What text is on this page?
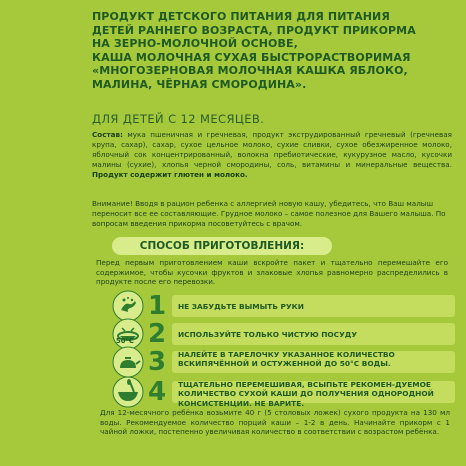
ПРОДУКТ ДЕТСКОГО ПИТАНИЯ ДЛЯ ПИТАНИЯ
ДЕТЕЙ РАННЕГО ВОЗРАСТА, ПРОДУКТ ПРИКОРМА
НА ЗЕРНО-МОЛОЧНОЙ ОСНОВЕ,
КАША МОЛОЧНАЯ СУХАЯ БЫСТРОРАСТВОРИМАЯ
«МНОГОЗЕРНОВАЯ МОЛОЧНАЯ КАШКА ЯБЛОКО,
МАЛИНА, ЧЁРНАЯ СМОРОДИНА».
ДЛЯ ДЕТЕЙ С 12 МЕСЯЦЕВ.
Состав: мука пшеничная и гречневая, продукт экструдированный гречневый (гречневая крупа, сахар), сахар, сухое цельное молоко, сухие сливки, сухое обезжиренное молоко, яблочный сок концентрированный, волокна пребиотические, кукурузное масло, кусочки малины (сухие), хлопья черной смородины, соль, витамины и минеральные вещества. Продукт содержит глютен и молоко.
Внимание! Вводя в рацион ребенка с аллергией новую кашу, убедитесь, что Ваш малыш переносит все ее составляющие. Грудное молоко – самое полезное для Вашего малыша. По вопросам введения прикорма посоветуйтесь с врачом.
СПОСОБ ПРИГОТОВЛЕНИЯ:
Перед первым приготовлением каши вскройте пакет и тщательно перемешайте его содержимое, чтобы кусочки фруктов и злаковые хлопья равномерно распределились в продукте после его перевозки.
1 НЕ ЗАБУДЬТЕ ВЫМЫТЬ РУКИ
2 ИСПОЛЬЗУЙТЕ ТОЛЬКО ЧИСТУЮ ПОСУДУ
50°C
3 НАЛЕЙТЕ В ТАРЕЛОЧКУ УКАЗАННОЕ КОЛИЧЕСТВО ВСКИПЯЧЁННОЙ И ОСТУЖЕННОЙ ДО 50°С ВОДЫ.
4 ТЩАТЕЛЬНО ПЕРЕМЕШИВАЯ, ВСЫПЬТЕ РЕКОМЕН-ДУЕМОЕ КОЛИЧЕСТВО СУХОЙ КАШИ ДО ПОЛУЧЕНИЯ ОДНОРОДНОЙ КОНСИСТЕНЦИИ. НЕ ВАРИТЕ.
Для 12-месячного ребёнка возьмите 40 г (5 столовых ложек) сухого продукта на 130 мл воды. Рекомендуемое количество порций каши – 1-2 в день. Начинайте прикорм с 1 чайной ложки, постепенно увеличивая количество в соответствии с возрастом ребёнка.
